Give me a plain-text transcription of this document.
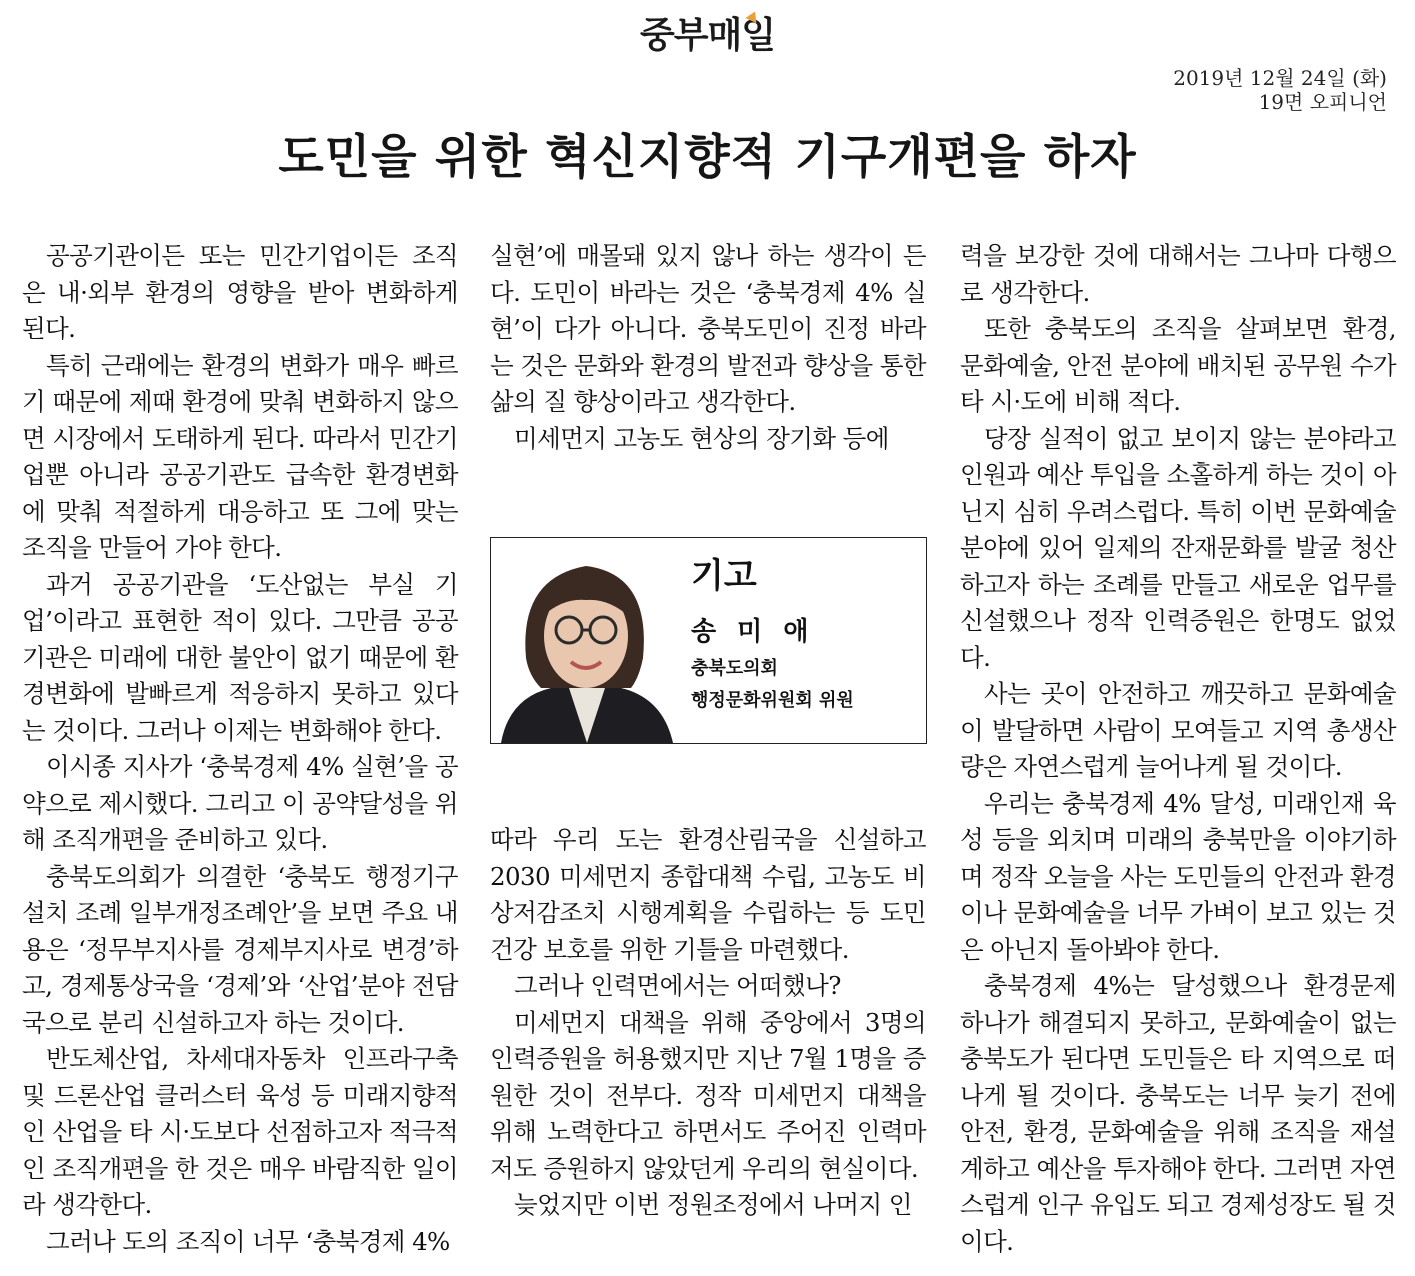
중부매일
2019년 12월 24일 (화)
19면 오피니언
도민을 위한 혁신지향적 기구개편을 하자

공공기관이든 또는 민간기업이든 조직은 내·외부 환경의 영향을 받아 변화하게 된다.

특히 근래에는 환경의 변화가 매우 빠르기 때문에 제때 환경에 맞춰 변화하지 않으면 시장에서 도태하게 된다. 따라서 민간기업뿐 아니라 공공기관도 급속한 환경변화에 맞춰 적절하게 대응하고 또 그에 맞는 조직을 만들어 가야 한다.

과거 공공기관을 ‘도산없는 부실 기업’이라고 표현한 적이 있다. 그만큼 공공기관은 미래에 대한 불안이 없기 때문에 환경변화에 발빠르게 적응하지 못하고 있다는 것이다. 그러나 이제는 변화해야 한다.

이시종 지사가 ‘충북경제 4% 실현’을 공약으로 제시했다. 그리고 이 공약달성을 위해 조직개편을 준비하고 있다.

충북도의회가 의결한 ‘충북도 행정기구 설치 조례 일부개정조례안’을 보면 주요 내용은 ‘정무부지사를 경제부지사로 변경’하고, 경제통상국을 ‘경제’와 ‘산업’분야 전담국으로 분리 신설하고자 하는 것이다.

반도체산업, 차세대자동차 인프라구축 및 드론산업 클러스터 육성 등 미래지향적인 산업을 타 시·도보다 선점하고자 적극적인 조직개편을 한 것은 매우 바람직한 일이라 생각한다.

그러나 도의 조직이 너무 ‘충북경제 4%

실현’에 매몰돼 있지 않나 하는 생각이 든다. 도민이 바라는 것은 ‘충북경제 4% 실현’이 다가 아니다. 충북도민이 진정 바라는 것은 문화와 환경의 발전과 향상을 통한 삶의 질 향상이라고 생각한다.

미세먼지 고농도 현상의 장기화 등에

기고
송 미 애
충북도의회
행정문화위원회 위원

따라 우리 도는 환경산림국을 신설하고 2030 미세먼지 종합대책 수립, 고농도 비상저감조치 시행계획을 수립하는 등 도민건강 보호를 위한 기틀을 마련했다.

그러나 인력면에서는 어떠했나?

미세먼지 대책을 위해 중앙에서 3명의 인력증원을 허용했지만 지난 7월 1명을 증원한 것이 전부다. 정작 미세먼지 대책을 위해 노력한다고 하면서도 주어진 인력마저도 증원하지 않았던게 우리의 현실이다.

늦었지만 이번 정원조정에서 나머지 인

력을 보강한 것에 대해서는 그나마 다행으로 생각한다.

또한 충북도의 조직을 살펴보면 환경, 문화예술, 안전 분야에 배치된 공무원 수가 타 시·도에 비해 적다.

당장 실적이 없고 보이지 않는 분야라고 인원과 예산 투입을 소홀하게 하는 것이 아닌지 심히 우려스럽다. 특히 이번 문화예술 분야에 있어 일제의 잔재문화를 발굴 청산하고자 하는 조례를 만들고 새로운 업무를 신설했으나 정작 인력증원은 한명도 없었다.

사는 곳이 안전하고 깨끗하고 문화예술이 발달하면 사람이 모여들고 지역 총생산량은 자연스럽게 늘어나게 될 것이다.

우리는 충북경제 4% 달성, 미래인재 육성 등을 외치며 미래의 충북만을 이야기하며 정작 오늘을 사는 도민들의 안전과 환경이나 문화예술을 너무 가벼이 보고 있는 것은 아닌지 돌아봐야 한다.

충북경제 4%는 달성했으나 환경문제 하나가 해결되지 못하고, 문화예술이 없는 충북도가 된다면 도민들은 타 지역으로 떠나게 될 것이다. 충북도는 너무 늦기 전에 안전, 환경, 문화예술을 위해 조직을 재설계하고 예산을 투자해야 한다. 그러면 자연스럽게 인구 유입도 되고 경제성장도 될 것이다.
